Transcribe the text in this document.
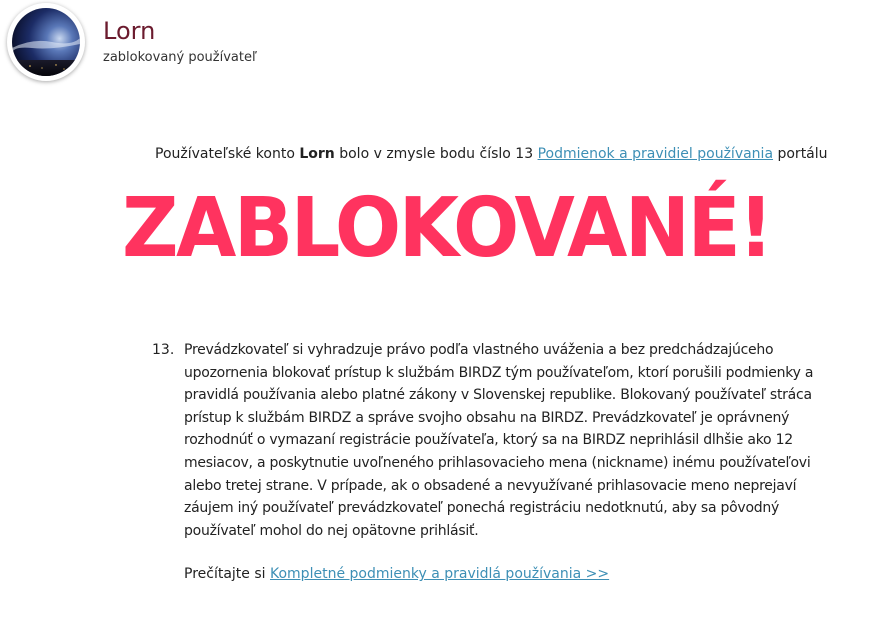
Lorn
zablokovaný používateľ
Používateľské konto Lorn bolo v zmysle bodu číslo 13 Podmienok a pravidiel používania portálu
ZABLOKOVANÉ!
13. Prevádzkovateľ si vyhradzuje právo podľa vlastného uváženia a bez predchádzajúceho upozornenia blokovať prístup k službám BIRDZ tým používateľom, ktorí porušili podmienky a pravidlá používania alebo platné zákony v Slovenskej republike. Blokovaný používateľ stráca prístup k službám BIRDZ a správe svojho obsahu na BIRDZ. Prevádzkovateľ je oprávnený rozhodnúť o vymazaní registrácie používateľa, ktorý sa na BIRDZ neprihlásil dlhšie ako 12 mesiacov, a poskytnutie uvoľneného prihlasovacieho mena (nickname) inému používateľovi alebo tretej strane. V prípade, ak o obsadené a nevyužívané prihlasovacie meno neprejaví záujem iný používateľ prevádzkovateľ ponechá registráciu nedotknutú, aby sa pôvodný používateľ mohol do nej opätovne prihlásiť.
Prečítajte si Kompletné podmienky a pravidlá používania >>
